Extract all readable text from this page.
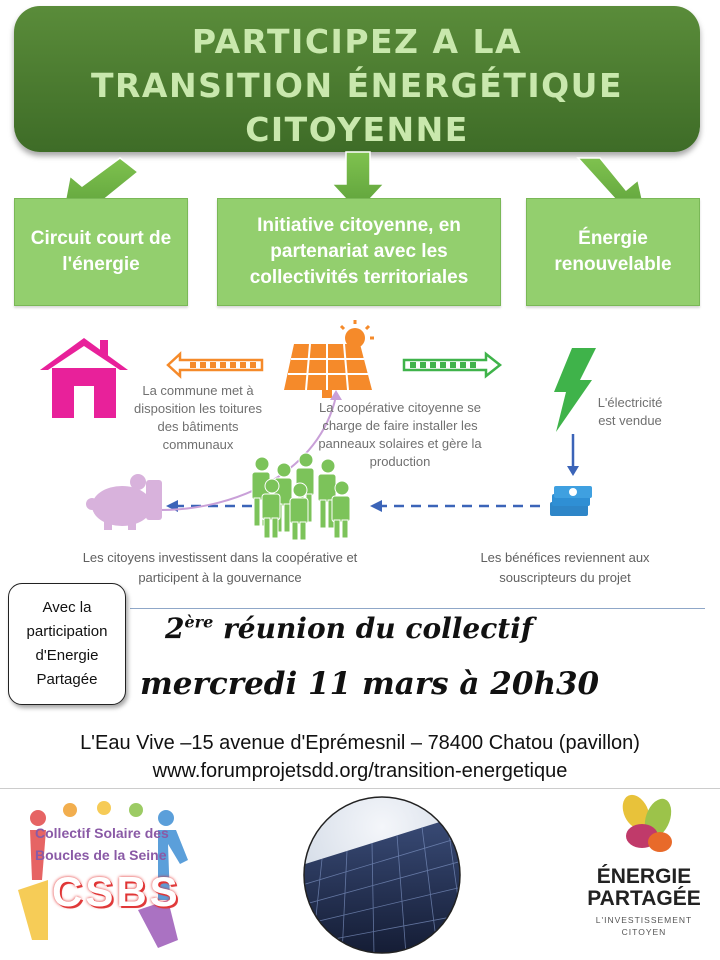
PARTICIPEZ A LA
TRANSITION ÉNERGÉTIQUE
CITOYENNE
Circuit court de
l'énergie
Initiative citoyenne, en
partenariat avec les
collectivités territoriales
Énergie
renouvelable
La commune met à
disposition les toitures
des bâtiments
communaux
La coopérative citoyenne se
charge de faire installer les
panneaux solaires et gère la
production
L'électricité
est vendue
Les citoyens investissent dans la coopérative et
participent à la gouvernance
Les bénéfices reviennent aux
souscripteurs du projet
Avec la
participation
d'Energie
Partagée
2ère réunion du collectif
mercredi 11 mars à 20h30
L'Eau Vive –15 avenue d'Eprémesnil – 78400 Chatou (pavillon)
www.forumprojetsdd.org/transition-energetique
Collectif Solaire des
Boucles de la Seine
CSBS	ÉNERGIE
PARTAGÉE
L'INVESTISSEMENT
CITOYEN
